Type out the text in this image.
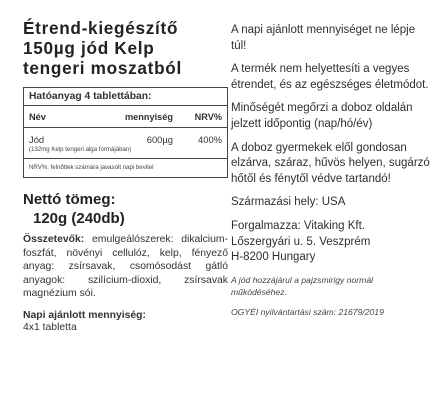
Étrend-kiegészítő
150µg jód Kelp
tengeri moszatból
Hatóanyag 4 tablettában:
Név	mennyiség	NRV%
Jód	600µg	400%
(132mg Kelp tengeri alga formájában)
NRV%: felnőttek számára javasolt napi bevitel
Nettó tömeg:
120g (240db)
Összetevők: emulgeálószerek: dikalcium-foszfát, növényi cellulóz, kelp, fényező anyag: zsírsavak, csomósodást gátló anyagok: szilícium-dioxid, zsírsavak magnézium sói.
Napi ajánlott mennyiség:
4x1 tabletta

A napi ajánlott mennyiséget ne lépje túl!

A termék nem helyettesíti a vegyes étrendet, és az egészséges életmódot.

Minőségét megőrzi a doboz oldalán jelzett időpontig (nap/hó/év)

A doboz gyermekek elől gondosan elzárva, száraz, hűvös helyen, sugárzó hőtől és fénytől védve tartandó!

Származási hely: USA

Forgalmazza: Vitaking Kft.
Lőszergyári u. 5. Veszprém
H-8200 Hungary

A jód hozzájárul a pajzsmirigy normál működéséhez.

OGYÉI nyilvántartási szám: 21679/2019
